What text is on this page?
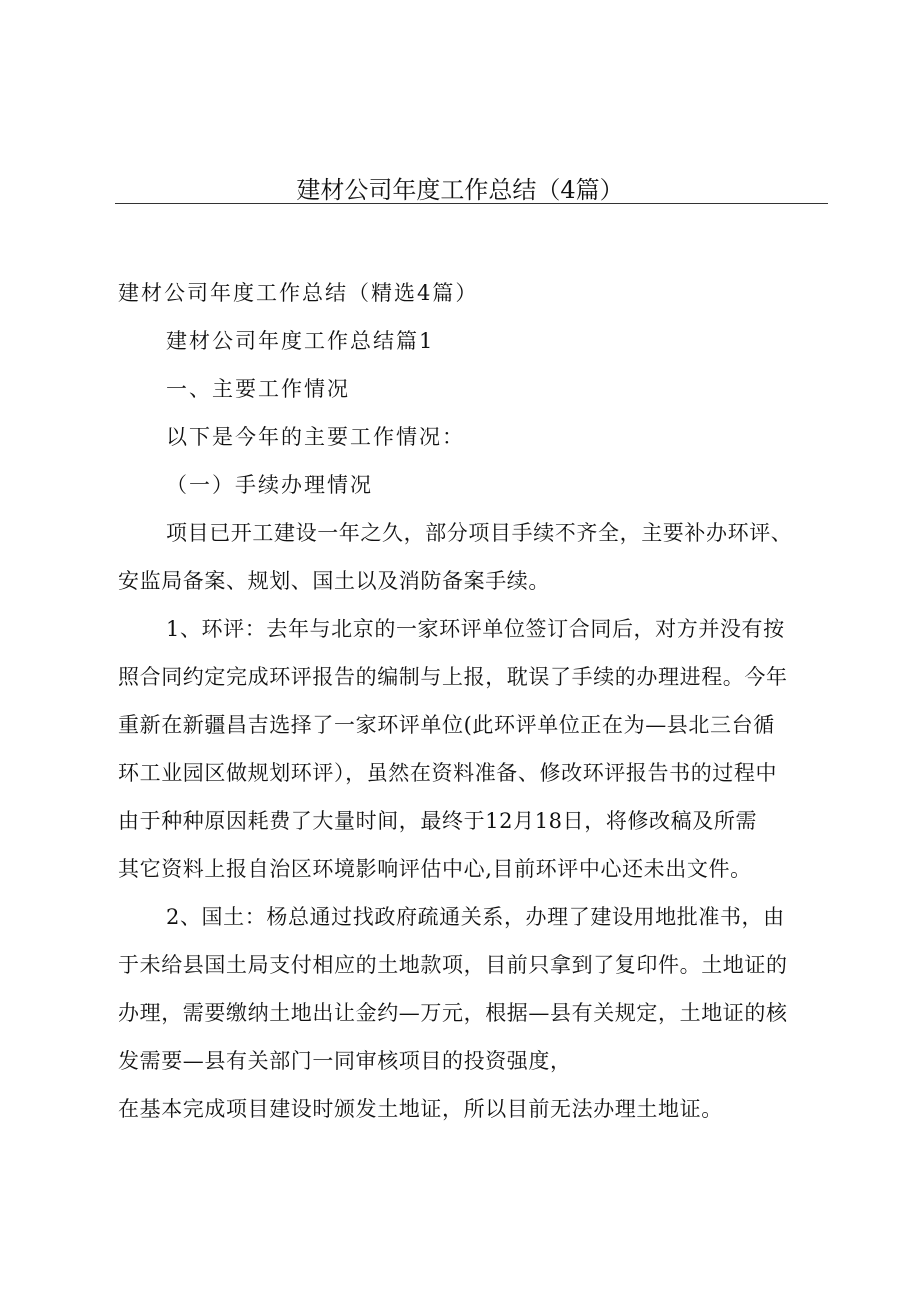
建材公司年度工作总结（4篇）

建材公司年度工作总结（精选4篇）

建材公司年度工作总结篇1

一、主要工作情况

以下是今年的主要工作情况：

（一）手续办理情况

项目已开工建设一年之久，部分项目手续不齐全，主要补办环评、

安监局备案、规划、国土以及消防备案手续。

1、环评：去年与北京的一家环评单位签订合同后，对方并没有按

照合同约定完成环评报告的编制与上报，耽误了手续的办理进程。今年

重新在新疆昌吉选择了一家环评单位(此环评单位正在为—县北三台循

环工业园区做规划环评），虽然在资料准备、修改环评报告书的过程中

由于种种原因耗费了大量时间，最终于12月18日，将修改稿及所需

其它资料上报自治区环境影响评估中心,目前环评中心还未出文件。

2、国土：杨总通过找政府疏通关系，办理了建设用地批准书，由

于未给县国土局支付相应的土地款项，目前只拿到了复印件。土地证的

办理，需要缴纳土地出让金约—万元，根据—县有关规定，土地证的核

发需要—县有关部门一同审核项目的投资强度，

在基本完成项目建设时颁发土地证，所以目前无法办理土地证。
